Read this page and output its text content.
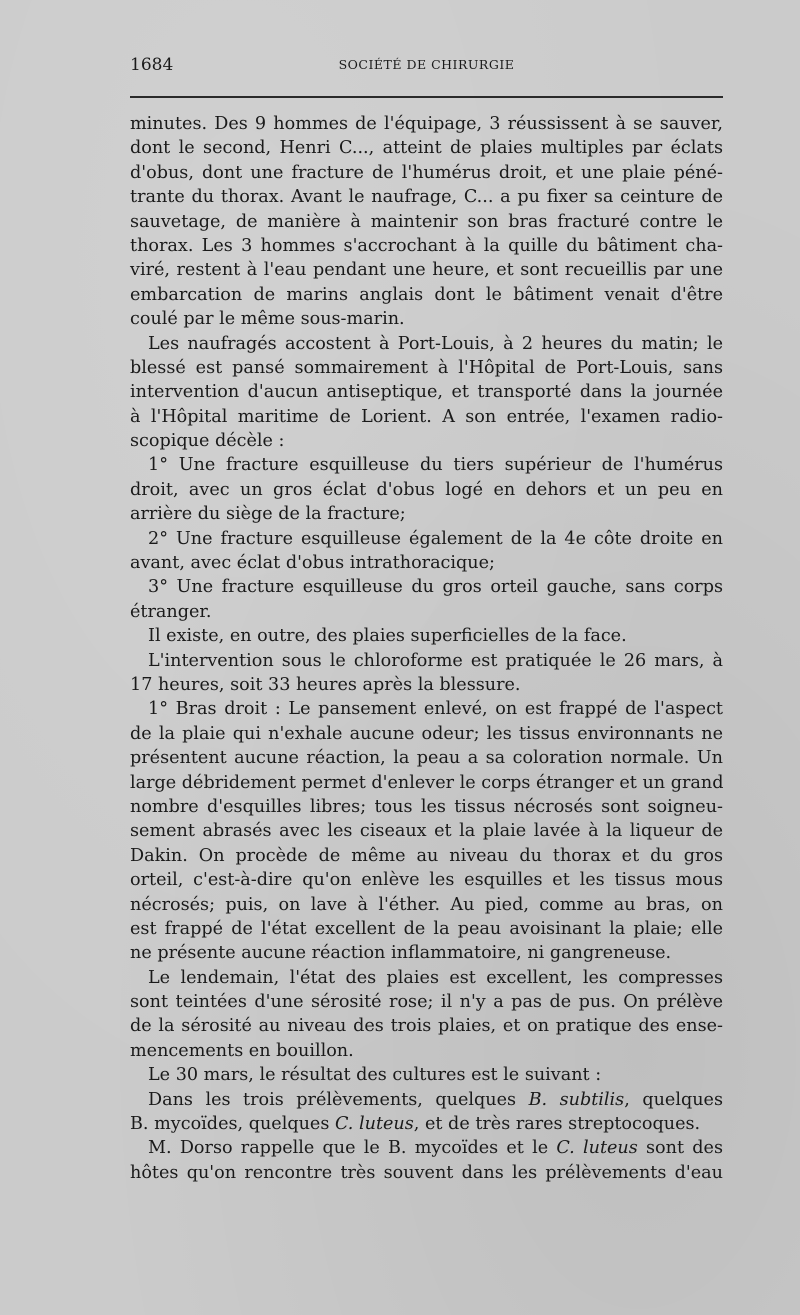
1684	SOCIÉTÉ DE CHIRURGIE
minutes. Des 9 hommes de l'équipage, 3 réussissent à se sauver,
dont le second, Henri C..., atteint de plaies multiples par éclats
d'obus, dont une fracture de l'humérus droit, et une plaie péné-
trante du thorax. Avant le naufrage, C... a pu fixer sa ceinture de
sauvetage, de manière à maintenir son bras fracturé contre le
thorax. Les 3 hommes s'accrochant à la quille du bâtiment cha-
viré, restent à l'eau pendant une heure, et sont recueillis par une
embarcation de marins anglais dont le bâtiment venait d'être
coulé par le même sous-marin.
Les naufragés accostent à Port-Louis, à 2 heures du matin; le
blessé est pansé sommairement à l'Hôpital de Port-Louis, sans
intervention d'aucun antiseptique, et transporté dans la journée
à l'Hôpital maritime de Lorient. A son entrée, l'examen radio-
scopique décèle :
1° Une fracture esquilleuse du tiers supérieur de l'humérus
droit, avec un gros éclat d'obus logé en dehors et un peu en
arrière du siège de la fracture;
2° Une fracture esquilleuse également de la 4e côte droite en
avant, avec éclat d'obus intrathoracique;
3° Une fracture esquilleuse du gros orteil gauche, sans corps
étranger.
Il existe, en outre, des plaies superficielles de la face.
L'intervention sous le chloroforme est pratiquée le 26 mars, à
17 heures, soit 33 heures après la blessure.
1° Bras droit : Le pansement enlevé, on est frappé de l'aspect
de la plaie qui n'exhale aucune odeur; les tissus environnants ne
présentent aucune réaction, la peau a sa coloration normale. Un
large débridement permet d'enlever le corps étranger et un grand
nombre d'esquilles libres; tous les tissus nécrosés sont soigneu-
sement abrasés avec les ciseaux et la plaie lavée à la liqueur de
Dakin. On procède de même au niveau du thorax et du gros
orteil, c'est-à-dire qu'on enlève les esquilles et les tissus mous
nécrosés; puis, on lave à l'éther. Au pied, comme au bras, on
est frappé de l'état excellent de la peau avoisinant la plaie; elle
ne présente aucune réaction inflammatoire, ni gangreneuse.
Le lendemain, l'état des plaies est excellent, les compresses
sont teintées d'une sérosité rose; il n'y a pas de pus. On prélève
de la sérosité au niveau des trois plaies, et on pratique des ense-
mencements en bouillon.
Le 30 mars, le résultat des cultures est le suivant :
Dans les trois prélèvements, quelques B. subtilis, quelques
B. mycoïdes, quelques C. luteus, et de très rares streptocoques.
M. Dorso rappelle que le B. mycoïdes et le C. luteus sont des
hôtes qu'on rencontre très souvent dans les prélèvements d'eau
